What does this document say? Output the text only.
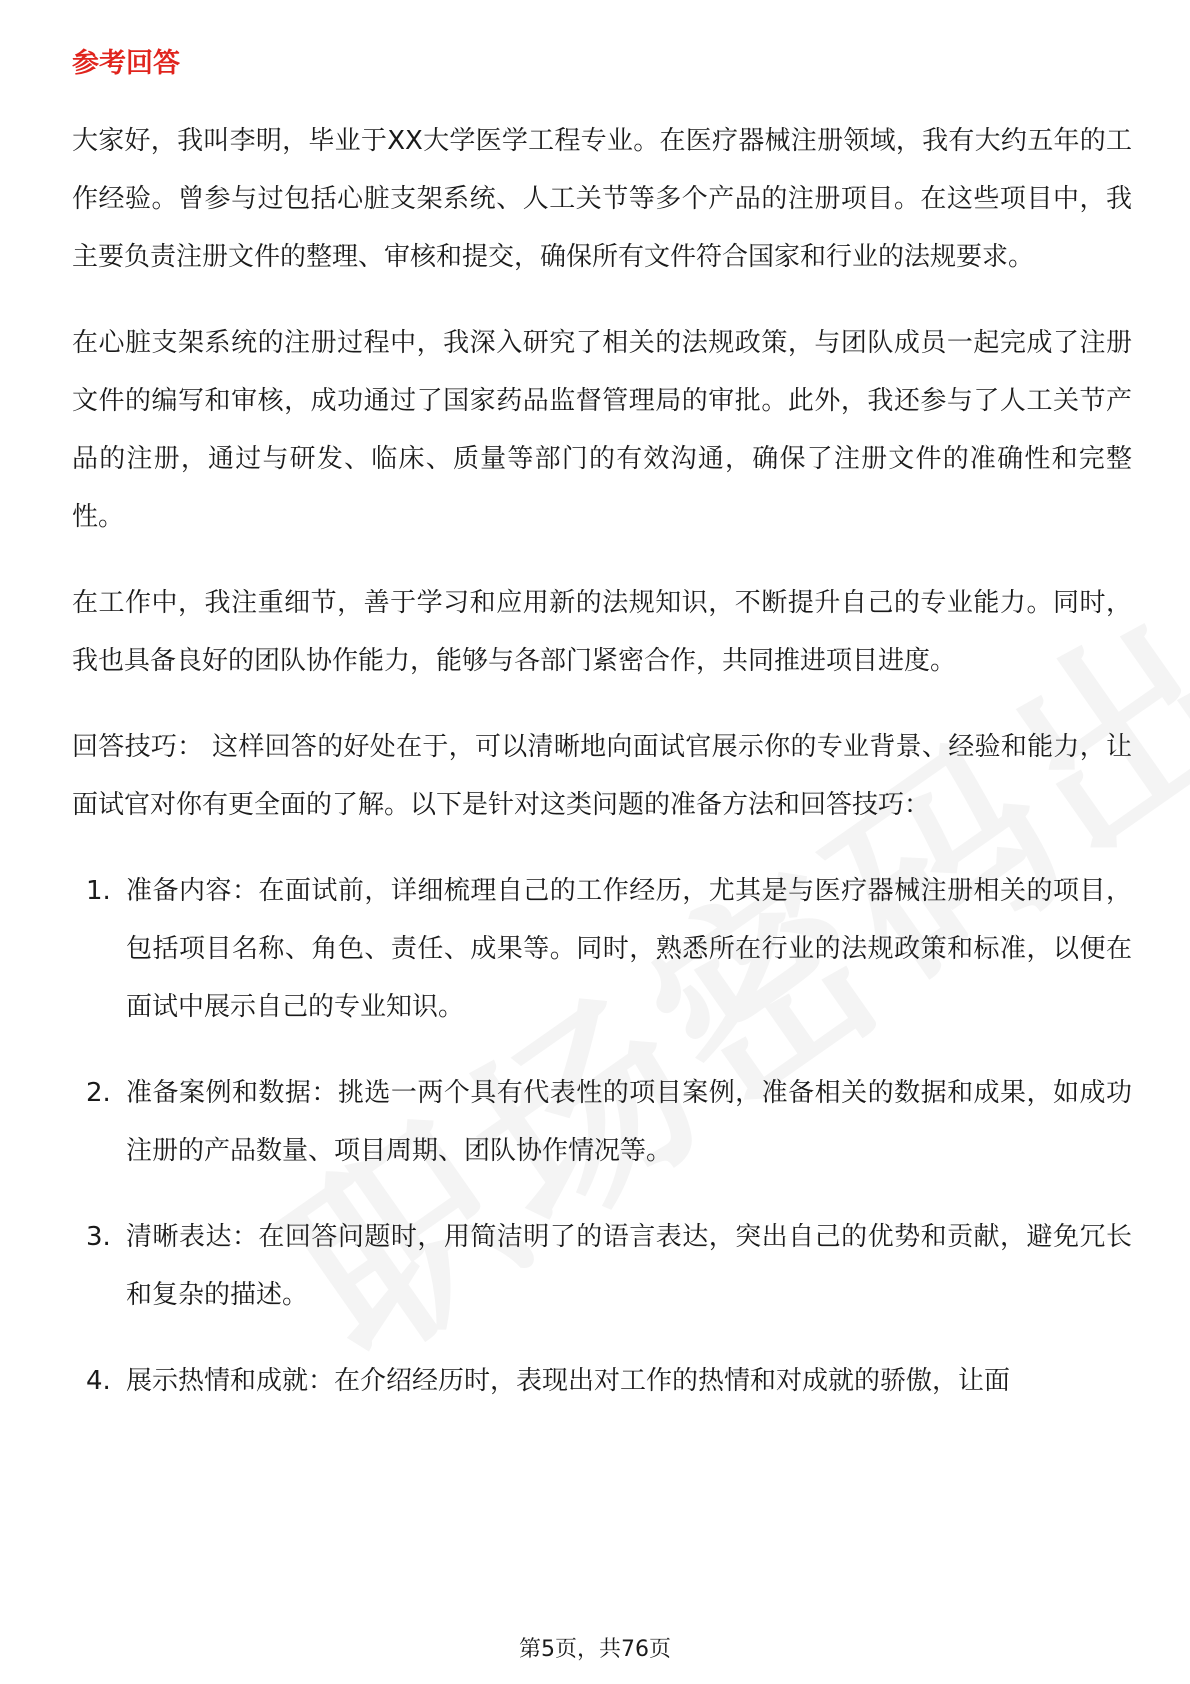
参考回答

大家好，我叫李明，毕业于XX大学医学工程专业。在医疗器械注册领域，我有大约五年的工作经验。曾参与过包括心脏支架系统、人工关节等多个产品的注册项目。在这些项目中，我主要负责注册文件的整理、审核和提交，确保所有文件符合国家和行业的法规要求。

在心脏支架系统的注册过程中，我深入研究了相关的法规政策，与团队成员一起完成了注册文件的编写和审核，成功通过了国家药品监督管理局的审批。此外，我还参与了人工关节产品的注册，通过与研发、临床、质量等部门的有效沟通，确保了注册文件的准确性和完整性。

在工作中，我注重细节，善于学习和应用新的法规知识，不断提升自己的专业能力。同时，我也具备良好的团队协作能力，能够与各部门紧密合作，共同推进项目进度。

回答技巧： 这样回答的好处在于，可以清晰地向面试官展示你的专业背景、经验和能力，让面试官对你有更全面的了解。以下是针对这类问题的准备方法和回答技巧：

1. 准备内容：在面试前，详细梳理自己的工作经历，尤其是与医疗器械注册相关的项目，包括项目名称、角色、责任、成果等。同时，熟悉所在行业的法规政策和标准，以便在面试中展示自己的专业知识。
2. 准备案例和数据：挑选一两个具有代表性的项目案例，准备相关的数据和成果，如成功注册的产品数量、项目周期、团队协作情况等。
3. 清晰表达：在回答问题时，用简洁明了的语言表达，突出自己的优势和贡献，避免冗长和复杂的描述。
4. 展示热情和成就：在介绍经历时，表现出对工作的热情和对成就的骄傲，让面
第5页，共76页
